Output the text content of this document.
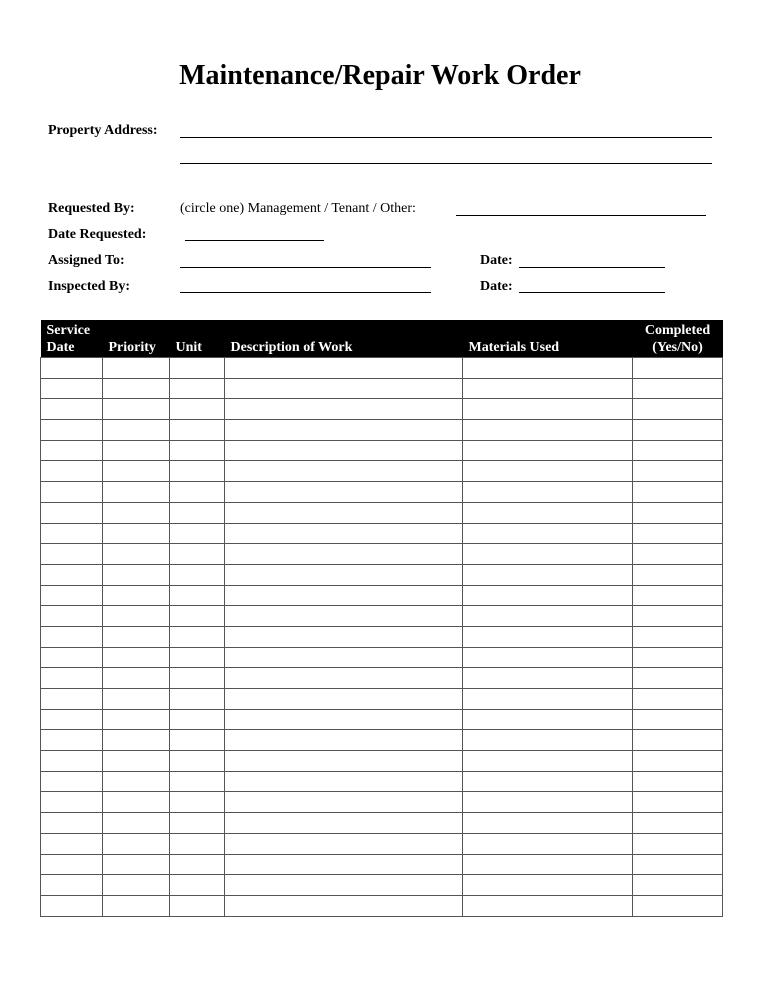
Maintenance/Repair Work Order
Property Address:
Requested By:	(circle one) Management / Tenant / Other:
Date Requested:
Assigned To:	Date:
Inspected By:	Date:
Service
Date	Priority	Unit	Description of Work	Materials Used	Completed
(Yes/No)
